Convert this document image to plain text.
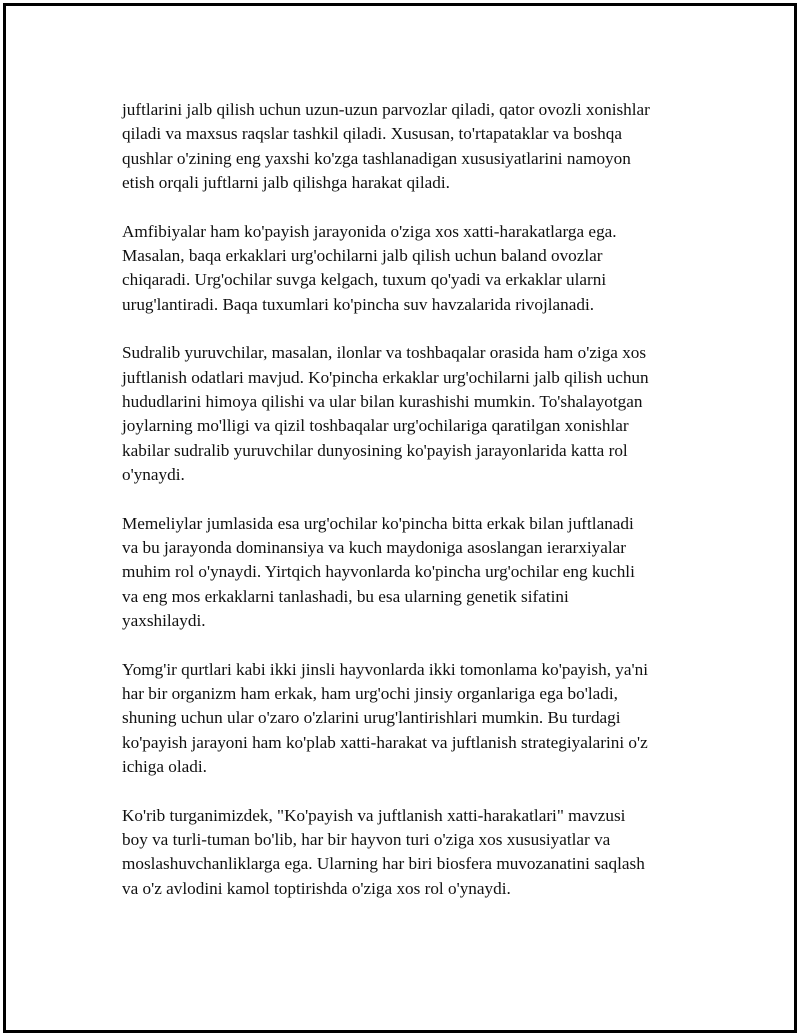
juftlarini jalb qilish uchun uzun-uzun parvozlar qiladi, qator ovozli xonishlar
qiladi va maxsus raqslar tashkil qiladi. Xususan, to'rtapataklar va boshqa
qushlar o'zining eng yaxshi ko'zga tashlanadigan xususiyatlarini namoyon
etish orqali juftlarni jalb qilishga harakat qiladi.

Amfibiyalar ham ko'payish jarayonida o'ziga xos xatti-harakatlarga ega.
Masalan, baqa erkaklari urg'ochilarni jalb qilish uchun baland ovozlar
chiqaradi. Urg'ochilar suvga kelgach, tuxum qo'yadi va erkaklar ularni
urug'lantiradi. Baqa tuxumlari ko'pincha suv havzalarida rivojlanadi.

Sudralib yuruvchilar, masalan, ilonlar va toshbaqalar orasida ham o'ziga xos
juftlanish odatlari mavjud. Ko'pincha erkaklar urg'ochilarni jalb qilish uchun
hududlarini himoya qilishi va ular bilan kurashishi mumkin. To'shalayotgan
joylarning mo'lligi va qizil toshbaqalar urg'ochilariga qaratilgan xonishlar
kabilar sudralib yuruvchilar dunyosining ko'payish jarayonlarida katta rol
o'ynaydi.

Memeliylar jumlasida esa urg'ochilar ko'pincha bitta erkak bilan juftlanadi
va bu jarayonda dominansiya va kuch maydoniga asoslangan ierarxiyalar
muhim rol o'ynaydi. Yirtqich hayvonlarda ko'pincha urg'ochilar eng kuchli
va eng mos erkaklarni tanlashadi, bu esa ularning genetik sifatini
yaxshilaydi.

Yomg'ir qurtlari kabi ikki jinsli hayvonlarda ikki tomonlama ko'payish, ya'ni
har bir organizm ham erkak, ham urg'ochi jinsiy organlariga ega bo'ladi,
shuning uchun ular o'zaro o'zlarini urug'lantirishlari mumkin. Bu turdagi
ko'payish jarayoni ham ko'plab xatti-harakat va juftlanish strategiyalarini o'z
ichiga oladi.

Ko'rib turganimizdek, "Ko'payish va juftlanish xatti-harakatlari" mavzusi
boy va turli-tuman bo'lib, har bir hayvon turi o'ziga xos xususiyatlar va
moslashuvchanliklarga ega. Ularning har biri biosfera muvozanatini saqlash
va o'z avlodini kamol toptirishda o'ziga xos rol o'ynaydi.
